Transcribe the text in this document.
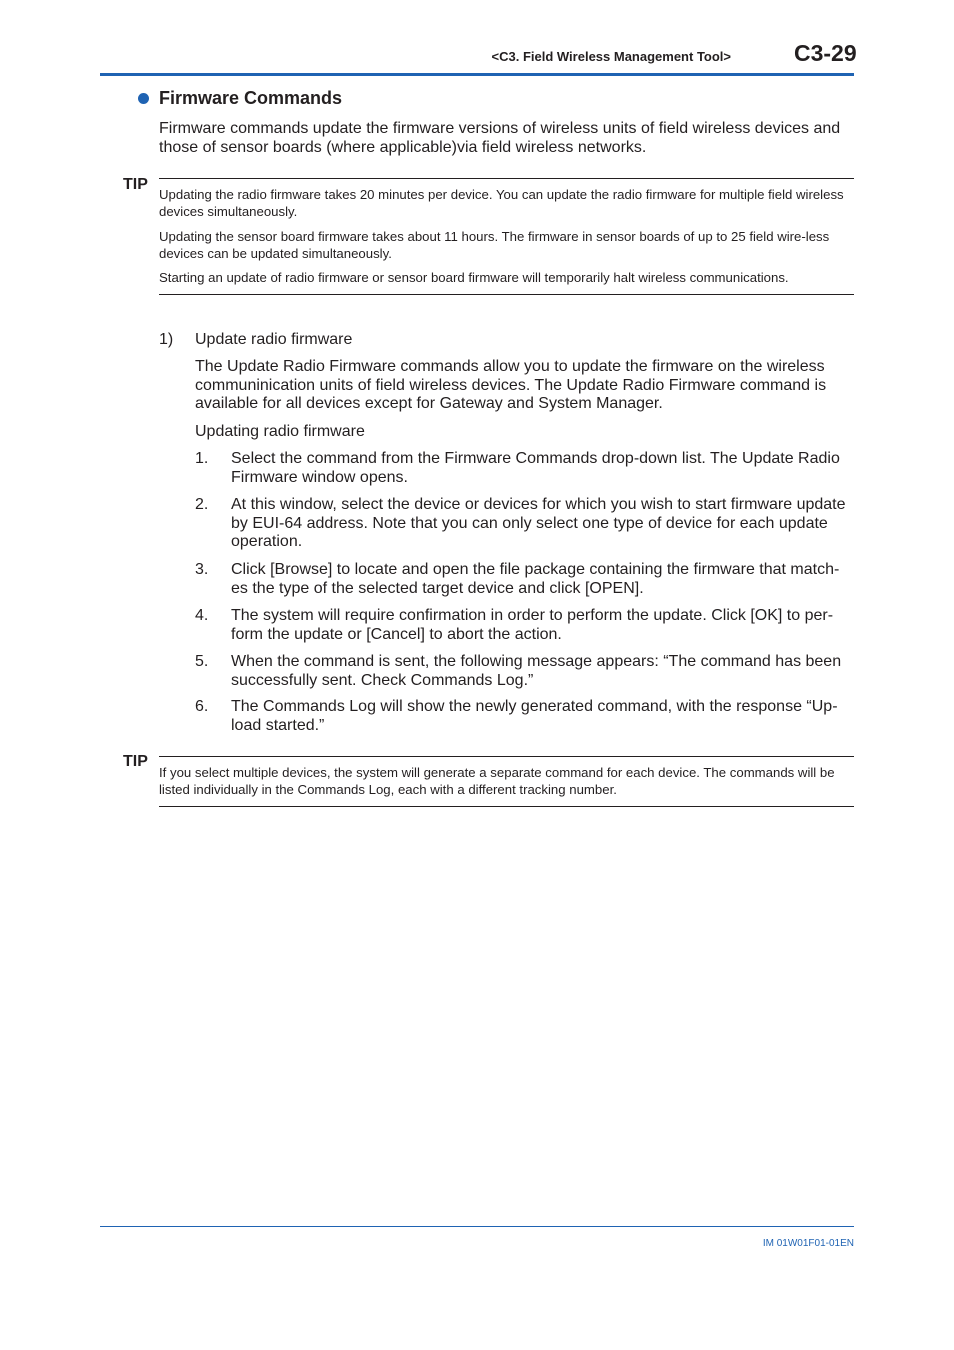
<C3. Field Wireless Management Tool>	C3-29
Firmware Commands

Firmware commands update the firmware versions of wireless units of field wireless devices and those of sensor boards (where applicable)via field wireless networks.

TIP

Updating the radio firmware takes 20 minutes per device. You can update the radio firmware for multiple field wireless devices simultaneously.

Updating the sensor board firmware takes about 11 hours. The firmware in sensor boards of up to 25 field wire-less devices can be updated simultaneously.

Starting an update of radio firmware or sensor board firmware will temporarily halt wireless communications.

1) Update radio firmware

The Update Radio Firmware commands allow you to update the firmware on the wireless communinication units of field wireless devices. The Update Radio Firmware command is available for all devices except for Gateway and System Manager.

Updating radio firmware
1. Select the command from the Firmware Commands drop-down list. The Update Radio Firmware window opens.

2. At this window, select the device or devices for which you wish to start firmware update by EUI-64 address. Note that you can only select one type of device for each update operation.

3. Click [Browse] to locate and open the file package containing the firmware that match-es the type of the selected target device and click [OPEN].

4. The system will require confirmation in order to perform the update. Click [OK] to per-form the update or [Cancel] to abort the action.

5. When the command is sent, the following message appears: “The command has been successfully sent. Check Commands Log.”

6. The Commands Log will show the newly generated command, with the response “Up-load started.”

TIP

If you select multiple devices, the system will generate a separate command for each device. The commands will be listed individually in the Commands Log, each with a different tracking number.

IM 01W01F01-01EN
